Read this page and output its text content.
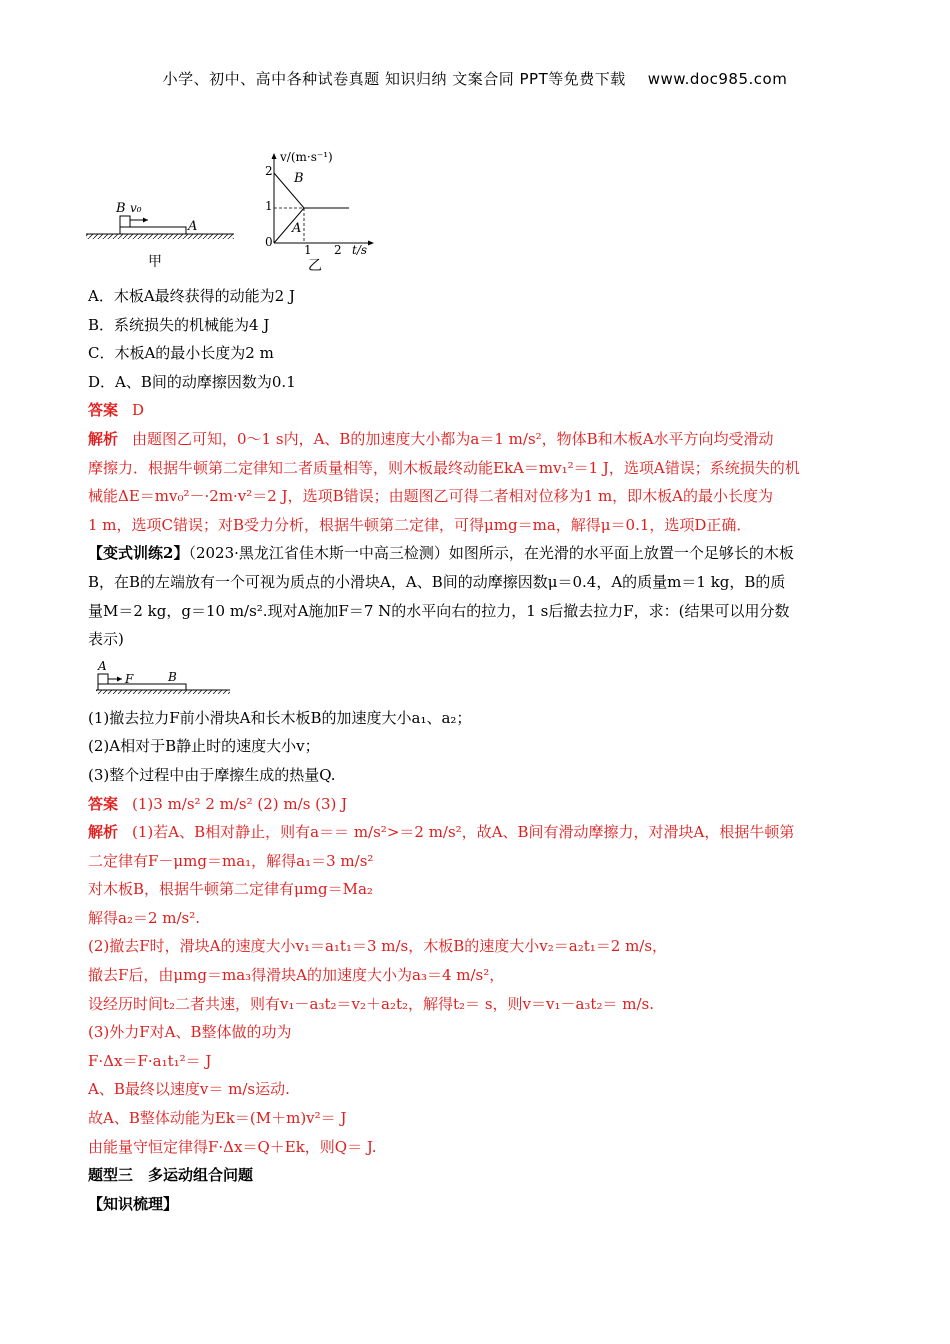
小学、初中、高中各种试卷真题 知识归纳 文案合同 PPT等免费下载 www.doc985.com
B v₀
A
甲
v/(m·s⁻¹)
t/s
2
1
0
1 2
B
A
乙

A．木板A最终获得的动能为2 J

B．系统损失的机械能为4 J

C．木板A的最小长度为2 m

D．A、B间的动摩擦因数为0.1

答案 D

解析 由题图乙可知，0～1 s内，A、B的加速度大小都为a＝1 m/s²，物体B和木板A水平方向均受滑动

摩擦力．根据牛顿第二定律知二者质量相等，则木板最终动能EkA＝mv₁²＝1 J，选项A错误；系统损失的机

械能ΔE＝mv₀²－·2m·v²＝2 J，选项B错误；由题图乙可得二者相对位移为1 m，即木板A的最小长度为

1 m，选项C错误；对B受力分析，根据牛顿第二定律，可得μmg＝ma，解得μ＝0.1，选项D正确．

【变式训练2】（2023·黑龙江省佳木斯一中高三检测）如图所示，在光滑的水平面上放置一个足够长的木板

B，在B的左端放有一个可视为质点的小滑块A，A、B间的动摩擦因数μ＝0.4，A的质量m＝1 kg，B的质

量M＝2 kg，g＝10 m/s².现对A施加F＝7 N的水平向右的拉力，1 s后撤去拉力F，求：(结果可以用分数

表示)

A
F	B

(1)撤去拉力F前小滑块A和长木板B的加速度大小a₁、a₂；

(2)A相对于B静止时的速度大小v；

(3)整个过程中由于摩擦生成的热量Q.

答案 (1)3 m/s² 2 m/s² (2) m/s (3) J

解析 (1)若A、B相对静止，则有a＝＝ m/s²>＝2 m/s²，故A、B间有滑动摩擦力，对滑块A，根据牛顿第

二定律有F－μmg＝ma₁，解得a₁＝3 m/s²

对木板B，根据牛顿第二定律有μmg＝Ma₂

解得a₂＝2 m/s².

(2)撤去F时，滑块A的速度大小v₁＝a₁t₁＝3 m/s，木板B的速度大小v₂＝a₂t₁＝2 m/s，

撤去F后，由μmg＝ma₃得滑块A的加速度大小为a₃＝4 m/s²，

设经历时间t₂二者共速，则有v₁－a₃t₂＝v₂＋a₂t₂，解得t₂＝ s，则v＝v₁－a₃t₂＝ m/s.

(3)外力F对A、B整体做的功为

F·Δx＝F·a₁t₁²＝ J

A、B最终以速度v＝ m/s运动.

故A、B整体动能为Ek＝(M＋m)v²＝ J

由能量守恒定律得F·Δx＝Q＋Ek，则Q＝ J.

题型三　多运动组合问题

【知识梳理】
